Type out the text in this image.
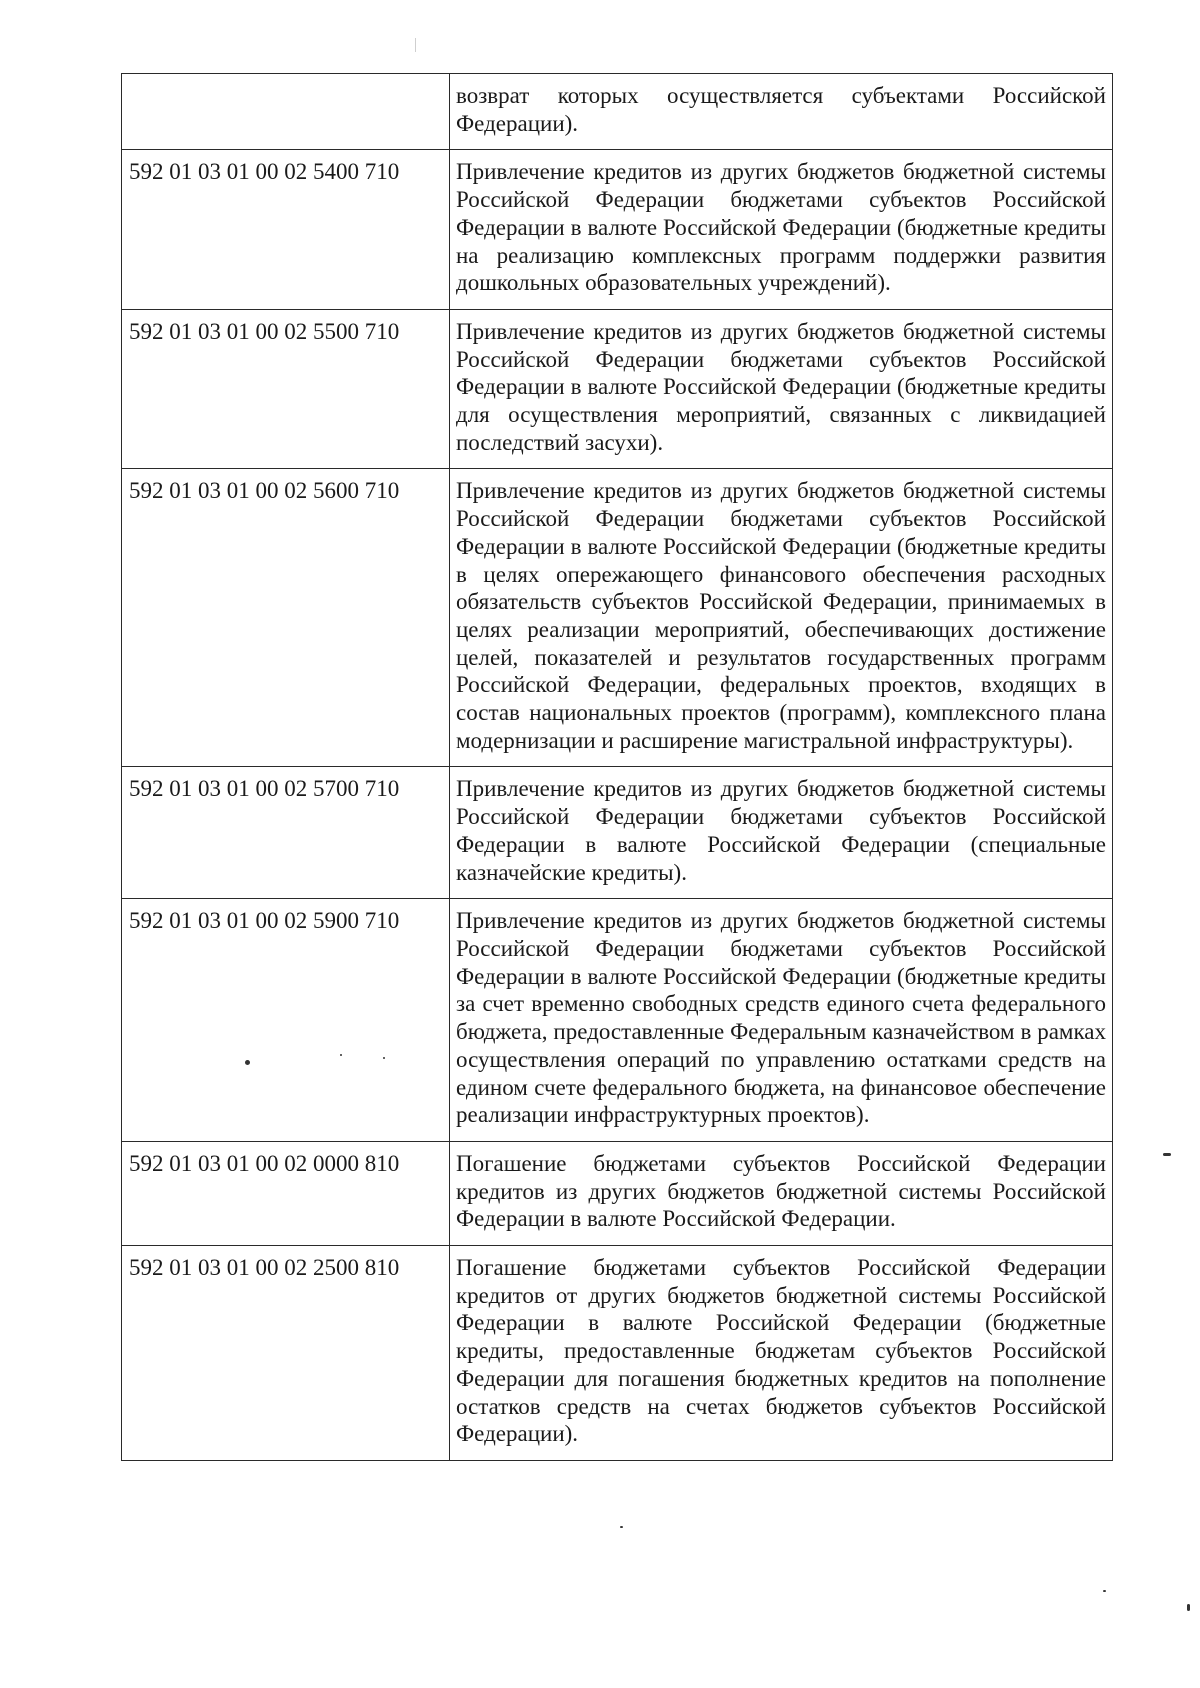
	возврат которых осуществляется субъектами Российской Федерации).
592 01 03 01 00 02 5400 710	Привлечение кредитов из других бюджетов бюджетной системы Российской Федерации бюджетами субъектов Российской Федерации в валюте Российской Федерации (бюджетные кредиты на реализацию комплексных программ поддержки развития дошкольных образовательных учреждений).
592 01 03 01 00 02 5500 710	Привлечение кредитов из других бюджетов бюджетной системы Российской Федерации бюджетами субъектов Российской Федерации в валюте Российской Федерации (бюджетные кредиты для осуществления мероприятий, связанных с ликвидацией последствий засухи).
592 01 03 01 00 02 5600 710	Привлечение кредитов из других бюджетов бюджетной системы Российской Федерации бюджетами субъектов Российской Федерации в валюте Российской Федерации (бюджетные кредиты в целях опережающего финансового обеспечения расходных обязательств субъектов Российской Федерации, принимаемых в целях реализации мероприятий, обеспечивающих достижение целей, показателей и результатов государственных программ Российской Федерации, федеральных проектов, входящих в состав национальных проектов (программ), комплексного плана модернизации и расширение магистральной инфраструктуры).
592 01 03 01 00 02 5700 710	Привлечение кредитов из других бюджетов бюджетной системы Российской Федерации бюджетами субъектов Российской Федерации в валюте Российской Федерации (специальные казначейские кредиты).
592 01 03 01 00 02 5900 710	Привлечение кредитов из других бюджетов бюджетной системы Российской Федерации бюджетами субъектов Российской Федерации в валюте Российской Федерации (бюджетные кредиты за счет временно свободных средств единого счета федерального бюджета, предоставленные Федеральным казначейством в рамках осуществления операций по управлению остатками средств на едином счете федерального бюджета, на финансовое обеспечение реализации инфраструктурных проектов).
592 01 03 01 00 02 0000 810	Погашение бюджетами субъектов Российской Федерации кредитов из других бюджетов бюджетной системы Российской Федерации в валюте Российской Федерации.
592 01 03 01 00 02 2500 810	Погашение бюджетами субъектов Российской Федерации кредитов от других бюджетов бюджетной системы Российской Федерации в валюте Российской Федерации (бюджетные кредиты, предоставленные бюджетам субъектов Российской Федерации для погашения бюджетных кредитов на пополнение остатков средств на счетах бюджетов субъектов Российской Федерации).
